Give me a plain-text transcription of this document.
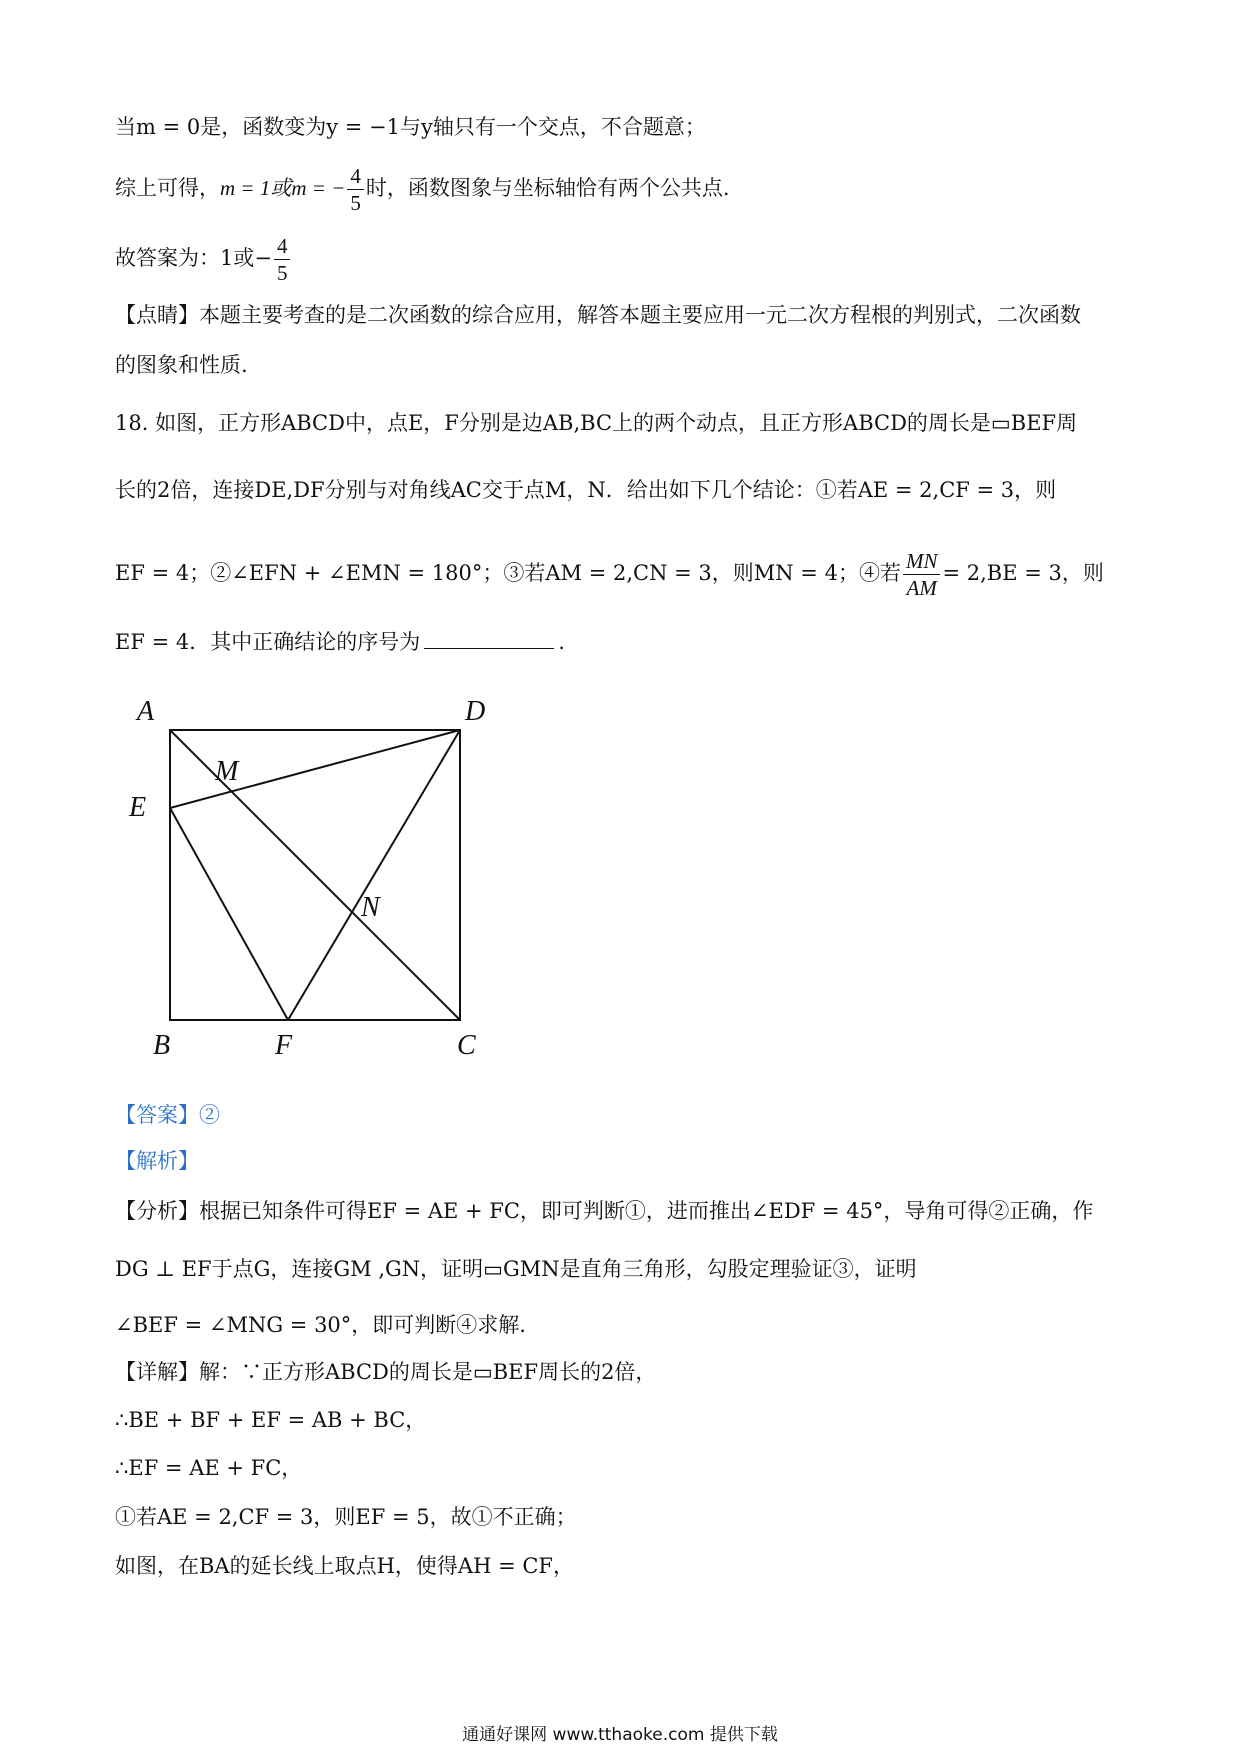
当m = 0是，函数变为y = −1与y轴只有一个交点，不合题意；
综上可得，m = 1或m = − $\frac{4}{5}$ 时，函数图象与坐标轴恰有两个公共点.
故答案为：1或− $\frac{4}{5}$
【点睛】本题主要考查的是二次函数的综合应用，解答本题主要应用一元二次方程根的判别式，二次函数
的图象和性质.
18. 如图，正方形ABCD中，点E，F分别是边AB,BC上的两个动点，且正方形ABCD的周长是▭BEF周
长的2倍，连接DE,DF分别与对角线AC交于点M，N．给出如下几个结论：①若AE = 2,CF = 3，则
EF = 4；②∠EFN + ∠EMN = 180°；③若AM = 2,CN = 3，则MN = 4；④若 $\frac{MN}{AM} = 2,BE = 3$，则
EF = 4．其中正确结论的序号为	.
A	D
M
E
N
B	F	C
【答案】②
【解析】
【分析】根据已知条件可得EF = AE + FC，即可判断①，进而推出∠EDF = 45°，导角可得②正确，作
DG ⊥ EF于点G，连接GM ,GN，证明▭GMN是直角三角形，勾股定理验证③，证明
∠BEF = ∠MNG = 30°，即可判断④求解.
【详解】解：∵正方形ABCD的周长是▭BEF周长的2倍，
∴BE + BF + EF = AB + BC，
∴EF = AE + FC，
①若AE = 2,CF = 3，则EF = 5，故①不正确；
如图，在BA的延长线上取点H，使得AH = CF，
通通好课网 www.tthaoke.com 提供下载
